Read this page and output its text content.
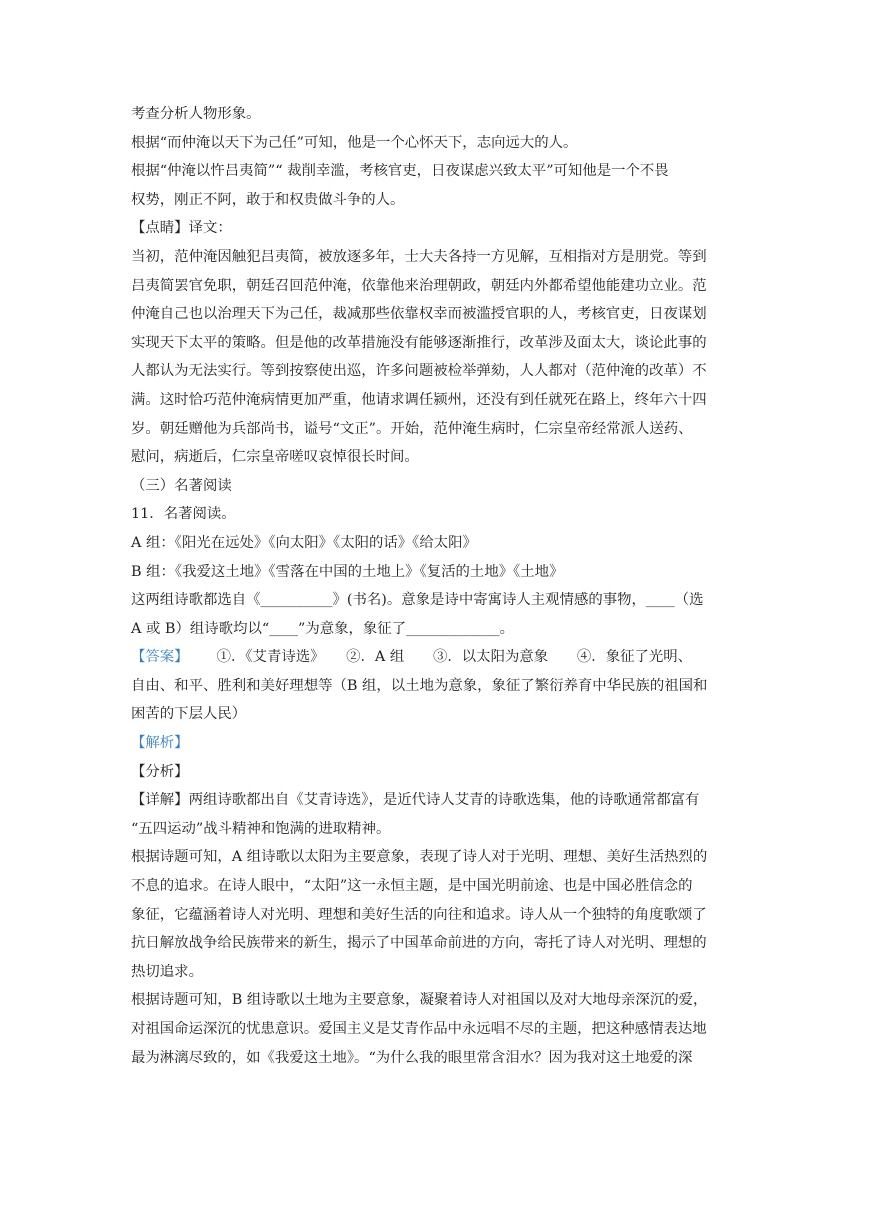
考查分析人物形象。

根据“而仲淹以天下为己任”可知，他是一个心怀天下，志向远大的人。

根据“仲淹以忤吕夷简”“ 裁削幸滥，考核官吏，日夜谋虑兴致太平”可知他是一个不畏

权势，刚正不阿，敢于和权贵做斗争的人。

【点睛】译文：

当初，范仲淹因触犯吕夷简，被放逐多年，士大夫各持一方见解，互相指对方是朋党。等到

吕夷简罢官免职，朝廷召回范仲淹，依靠他来治理朝政，朝廷内外都希望他能建功立业。范

仲淹自己也以治理天下为己任，裁减那些依靠权幸而被滥授官职的人，考核官吏，日夜谋划

实现天下太平的策略。但是他的改革措施没有能够逐渐推行，改革涉及面太大，谈论此事的

人都认为无法实行。等到按察使出巡，许多问题被检举弹劾，人人都对（范仲淹的改革）不

满。这时恰巧范仲淹病情更加严重，他请求调任颍州，还没有到任就死在路上，终年六十四

岁。朝廷赠他为兵部尚书，谥号“文正”。开始，范仲淹生病时，仁宗皇帝经常派人送药、

慰问，病逝后，仁宗皇帝嗟叹哀悼很长时间。

（三）名著阅读

11．名著阅读。

A 组：《阳光在远处》《向太阳》《太阳的话》《给太阳》

B 组：《我爱这土地》《雪落在中国的土地上》《复活的土地》《土地》

这两组诗歌都选自《__________》(书名)。意象是诗中寄寓诗人主观情感的事物，____（选

A 或 B）组诗歌均以“____”为意象，象征了_____________。

【答案】 ①．《艾青诗选》　　②．A 组　　③．以太阳为意象　　④．象征了光明、

自由、和平、胜利和美好理想等（B 组，以土地为意象，象征了繁衍养育中华民族的祖国和

困苦的下层人民）

【解析】

【分析】

【详解】两组诗歌都出自《艾青诗选》，是近代诗人艾青的诗歌选集，他的诗歌通常都富有

“五四运动”战斗精神和饱满的进取精神。

根据诗题可知，A 组诗歌以太阳为主要意象，表现了诗人对于光明、理想、美好生活热烈的

不息的追求。在诗人眼中，“太阳”这一永恒主题，是中国光明前途、也是中国必胜信念的

象征，它蕴涵着诗人对光明、理想和美好生活的向往和追求。诗人从一个独特的角度歌颂了

抗日解放战争给民族带来的新生，揭示了中国革命前进的方向，寄托了诗人对光明、理想的

热切追求。

根据诗题可知，B 组诗歌以土地为主要意象，凝聚着诗人对祖国以及对大地母亲深沉的爱，

对祖国命运深沉的忧患意识。爱国主义是艾青作品中永远唱不尽的主题，把这种感情表达地

最为淋漓尽致的，如《我爱这土地》。“为什么我的眼里常含泪水？因为我对这土地爱的深
